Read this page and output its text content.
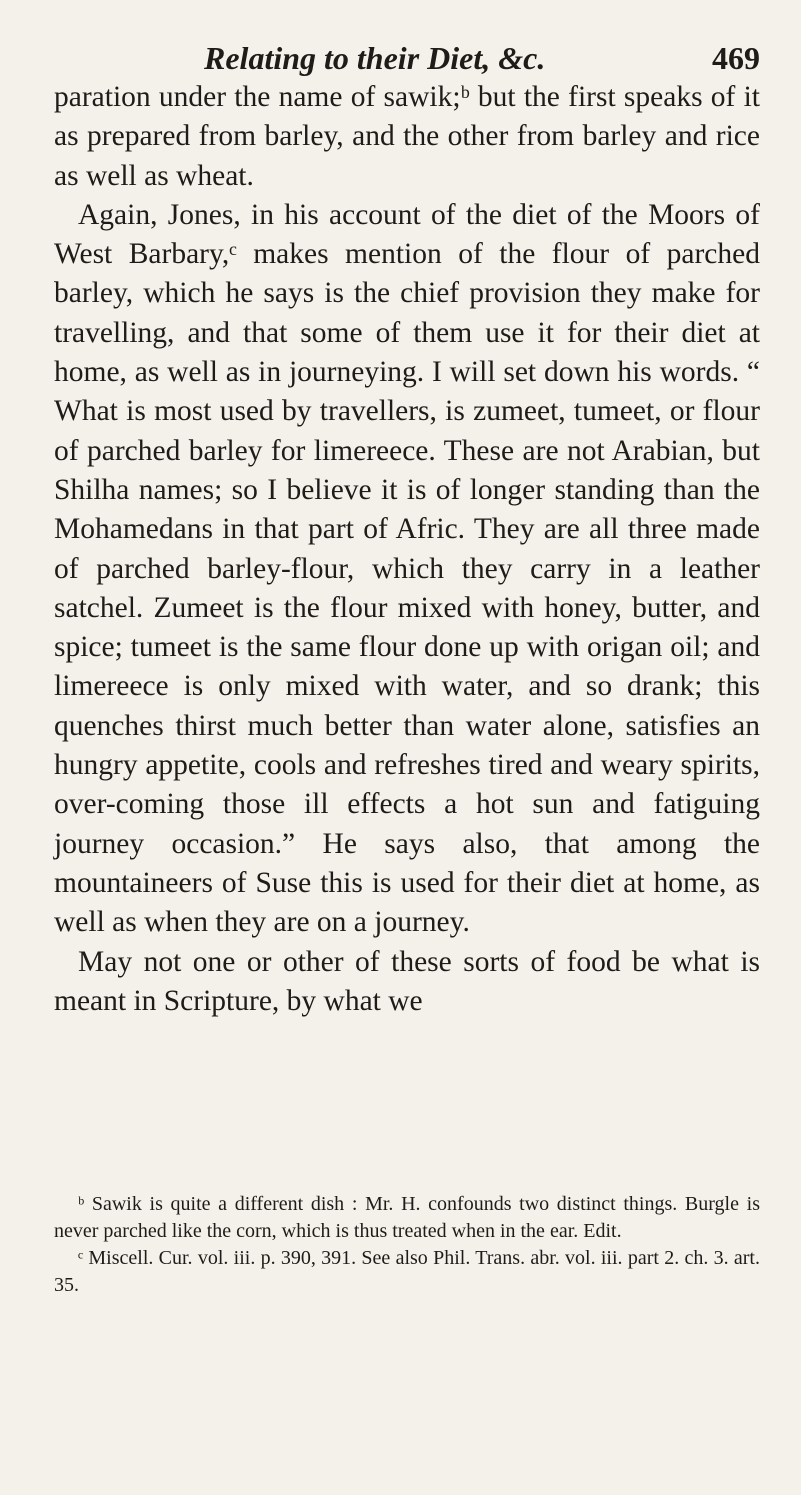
Relating to their Diet, &c.	469

paration under the name of sawik;ᵇ but the first speaks of it as prepared from barley, and the other from barley and rice as well as wheat.

Again, Jones, in his account of the diet of the Moors of West Barbary,ᶜ makes mention of the flour of parched barley, which he says is the chief provision they make for travelling, and that some of them use it for their diet at home, as well as in journeying. I will set down his words. “ What is most used by travellers, is zumeet, tumeet, or flour of parched barley for limereece. These are not Arabian, but Shilha names; so I believe it is of longer standing than the Mohamedans in that part of Afric. They are all three made of parched barley-flour, which they carry in a leather satchel. Zumeet is the flour mixed with honey, butter, and spice; tumeet is the same flour done up with origan oil; and limereece is only mixed with water, and so drank; this quenches thirst much better than water alone, satisfies an hungry appetite, cools and refreshes tired and weary spirits, over-coming those ill effects a hot sun and fatiguing journey occasion.” He says also, that among the mountaineers of Suse this is used for their diet at home, as well as when they are on a journey.

May not one or other of these sorts of food be what is meant in Scripture, by what we

ᵇ Sawik is quite a different dish : Mr. H. confounds two distinct things. Burgle is never parched like the corn, which is thus treated when in the ear. Edit.

ᶜ Miscell. Cur. vol. iii. p. 390, 391. See also Phil. Trans. abr. vol. iii. part 2. ch. 3. art. 35.
